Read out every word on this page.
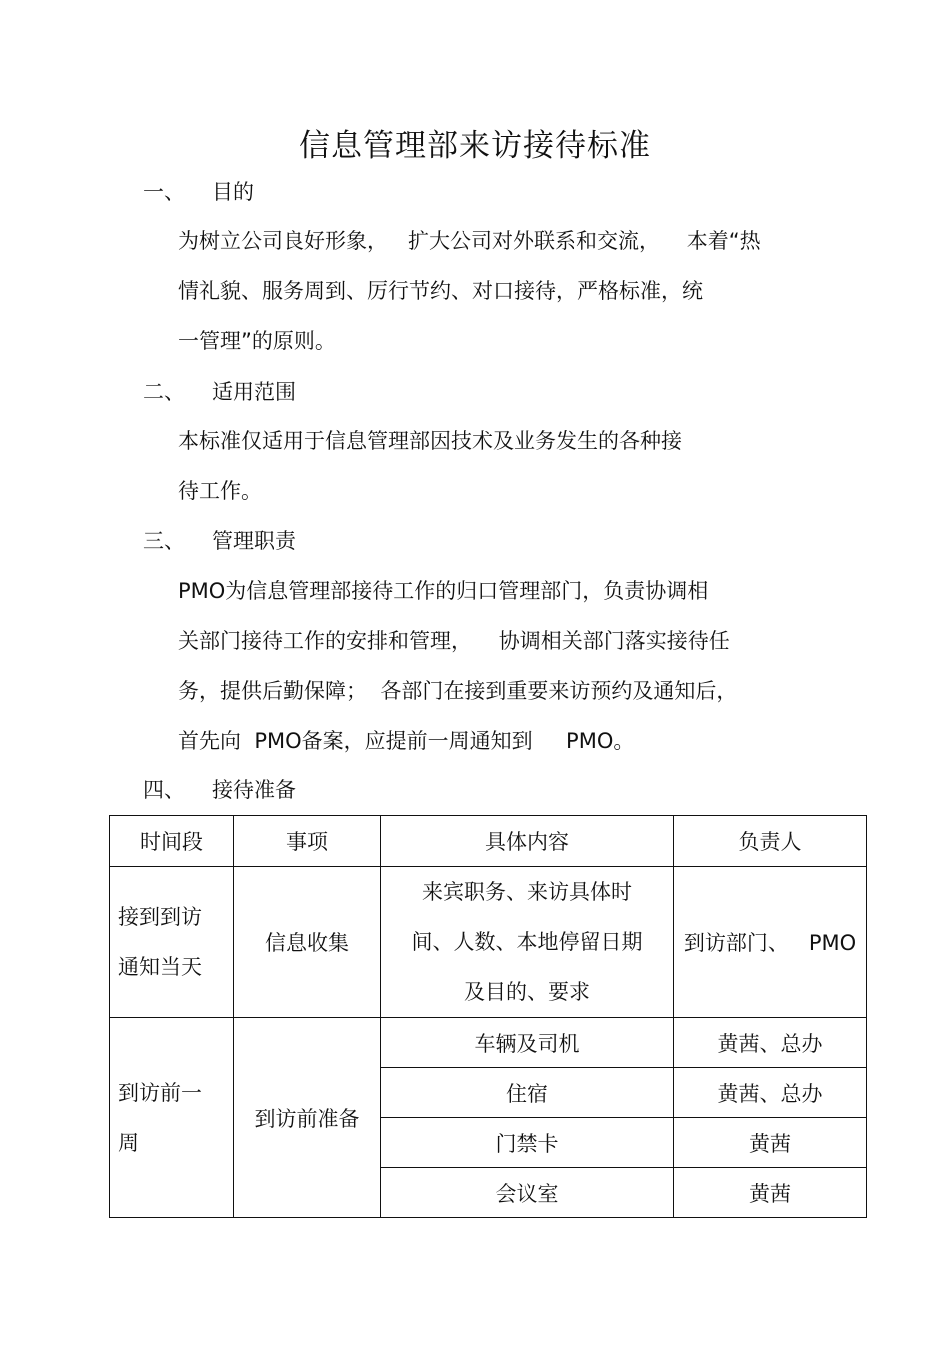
信息管理部来访接待标准
一、 目的
为树立公司良好形象，   扩大公司对外联系和交流，    本着“热
情礼貌、服务周到、厉行节约、对口接待，严格标准，统
一管理”的原则。
二、 适用范围
本标准仅适用于信息管理部因技术及业务发生的各种接
待工作。
三、 管理职责
PMO为信息管理部接待工作的归口管理部门，负责协调相
关部门接待工作的安排和管理，    协调相关部门落实接待任
务，提供后勤保障；  各部门在接到重要来访预约及通知后，
首先向  PMO备案，应提前一周通知到     PMO。
四、 接待准备
时间段	事项	具体内容	负责人

接到到访
通知当天	信息收集	来宾职务、来访具体时
间、人数、本地停留日期
及目的、要求	到访部门、   PMO

到访前一
周	到访前准备	车辆及司机	黄茜、总办
		住宿	黄茜、总办
		门禁卡	黄茜
		会议室	黄茜
